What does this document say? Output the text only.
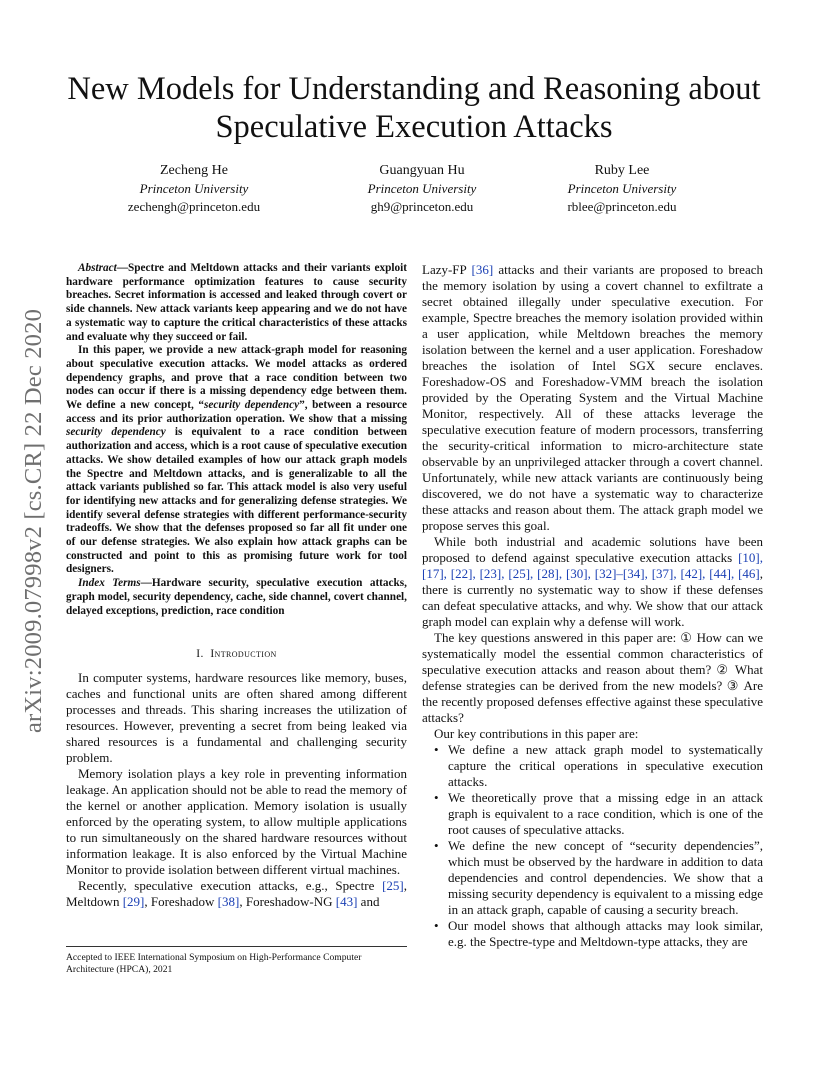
arXiv:2009.07998v2 [cs.CR] 22 Dec 2020
New Models for Understanding and Reasoning about Speculative Execution Attacks
Zecheng He
Princeton University
zechengh@princeton.edu
Guangyuan Hu
Princeton University
gh9@princeton.edu
Ruby Lee
Princeton University
rblee@princeton.edu

Abstract—Spectre and Meltdown attacks and their variants exploit hardware performance optimization features to cause security breaches. Secret information is accessed and leaked through covert or side channels. New attack variants keep appearing and we do not have a systematic way to capture the critical characteristics of these attacks and evaluate why they succeed or fail.

In this paper, we provide a new attack-graph model for reasoning about speculative execution attacks. We model attacks as ordered dependency graphs, and prove that a race condition between two nodes can occur if there is a missing dependency edge between them. We define a new concept, “security dependency”, between a resource access and its prior authorization operation. We show that a missing security dependency is equivalent to a race condition between authorization and access, which is a root cause of speculative execution attacks. We show detailed examples of how our attack graph models the Spectre and Meltdown attacks, and is generalizable to all the attack variants published so far. This attack model is also very useful for identifying new attacks and for generalizing defense strategies. We identify several defense strategies with different performance-security tradeoffs. We show that the defenses proposed so far all fit under one of our defense strategies. We also explain how attack graphs can be constructed and point to this as promising future work for tool designers.

Index Terms—Hardware security, speculative execution attacks, graph model, security dependency, cache, side channel, covert channel, delayed exceptions, prediction, race condition

I. Introduction

In computer systems, hardware resources like memory, buses, caches and functional units are often shared among different processes and threads. This sharing increases the utilization of resources. However, preventing a secret from being leaked via shared resources is a fundamental and challenging security problem.

Memory isolation plays a key role in preventing information leakage. An application should not be able to read the memory of the kernel or another application. Memory isolation is usually enforced by the operating system, to allow multiple applications to run simultaneously on the shared hardware resources without information leakage. It is also enforced by the Virtual Machine Monitor to provide isolation between different virtual machines.

Recently, speculative execution attacks, e.g., Spectre [25], Meltdown [29], Foreshadow [38], Foreshadow-NG [43] and

Lazy-FP [36] attacks and their variants are proposed to breach the memory isolation by using a covert channel to exfiltrate a secret obtained illegally under speculative execution. For example, Spectre breaches the memory isolation provided within a user application, while Meltdown breaches the memory isolation between the kernel and a user application. Foreshadow breaches the isolation of Intel SGX secure enclaves. Foreshadow-OS and Foreshadow-VMM breach the isolation provided by the Operating System and the Virtual Machine Monitor, respectively. All of these attacks leverage the speculative execution feature of modern processors, transferring the security-critical information to micro-architecture state observable by an unprivileged attacker through a covert channel. Unfortunately, while new attack variants are continuously being discovered, we do not have a systematic way to characterize these attacks and reason about them. The attack graph model we propose serves this goal.

While both industrial and academic solutions have been proposed to defend against speculative execution attacks [10], [17], [22], [23], [25], [28], [30], [32]–[34], [37], [42], [44], [46], there is currently no systematic way to show if these defenses can defeat speculative attacks, and why. We show that our attack graph model can explain why a defense will work.

The key questions answered in this paper are: ① How can we systematically model the essential common characteristics of speculative execution attacks and reason about them? ② What defense strategies can be derived from the new models? ③ Are the recently proposed defenses effective against these speculative attacks?

Our key contributions in this paper are:

• We define a new attack graph model to systematically capture the critical operations in speculative execution attacks.
• We theoretically prove that a missing edge in an attack graph is equivalent to a race condition, which is one of the root causes of speculative attacks.
• We define the new concept of “security dependencies”, which must be observed by the hardware in addition to data dependencies and control dependencies. We show that a missing security dependency is equivalent to a missing edge in an attack graph, capable of causing a security breach.
• Our model shows that although attacks may look similar, e.g. the Spectre-type and Meltdown-type attacks, they are

Accepted to IEEE International Symposium on High-Performance Computer Architecture (HPCA), 2021
